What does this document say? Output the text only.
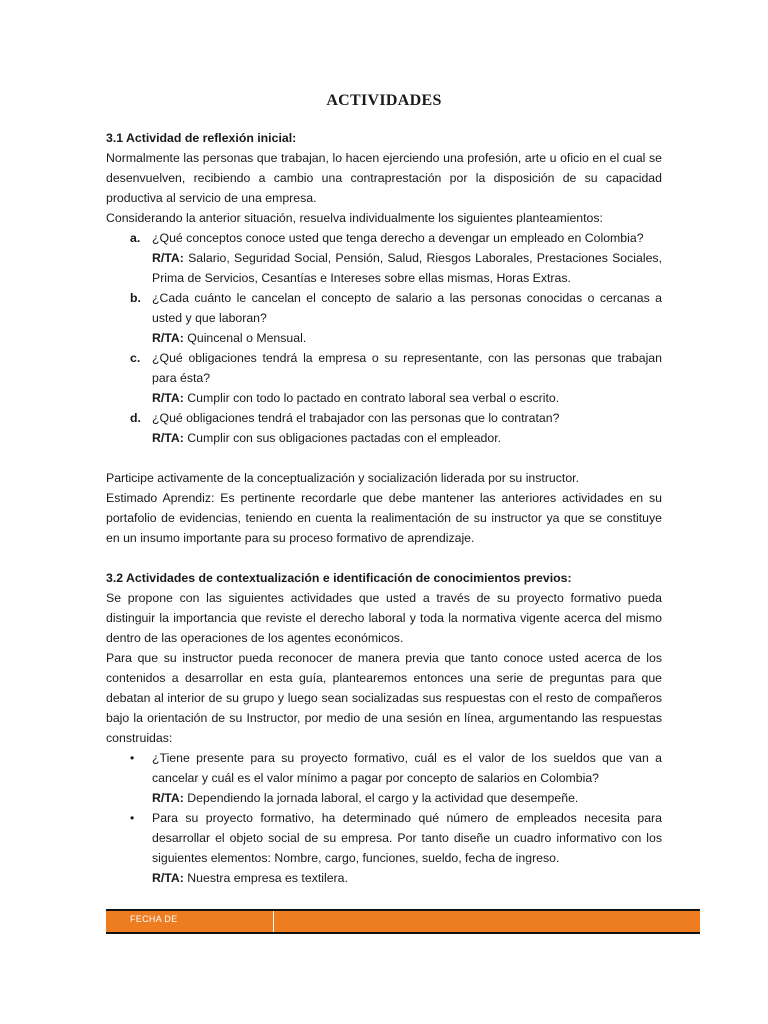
ACTIVIDADES

3.1 Actividad de reflexión inicial:

Normalmente las personas que trabajan, lo hacen ejerciendo una profesión, arte u oficio en el cual se desenvuelven, recibiendo a cambio una contraprestación por la disposición de su capacidad productiva al servicio de una empresa.

Considerando la anterior situación, resuelva individualmente los siguientes planteamientos:

a. ¿Qué conceptos conoce usted que tenga derecho a devengar un empleado en Colombia?

R/TA: Salario, Seguridad Social, Pensión, Salud, Riesgos Laborales, Prestaciones Sociales, Prima de Servicios, Cesantías e Intereses sobre ellas mismas, Horas Extras.

b. ¿Cada cuánto le cancelan el concepto de salario a las personas conocidas o cercanas a usted y que laboran?

R/TA: Quincenal o Mensual.

c. ¿Qué obligaciones tendrá la empresa o su representante, con las personas que trabajan para ésta?

R/TA: Cumplir con todo lo pactado en contrato laboral sea verbal o escrito.

d. ¿Qué obligaciones tendrá el trabajador con las personas que lo contratan?

R/TA: Cumplir con sus obligaciones pactadas con el empleador.

Participe activamente de la conceptualización y socialización liderada por su instructor.

Estimado Aprendiz: Es pertinente recordarle que debe mantener las anteriores actividades en su portafolio de evidencias, teniendo en cuenta la realimentación de su instructor ya que se constituye en un insumo importante para su proceso formativo de aprendizaje.

3.2 Actividades de contextualización e identificación de conocimientos previos:

Se propone con las siguientes actividades que usted a través de su proyecto formativo pueda distinguir la importancia que reviste el derecho laboral y toda la normativa vigente acerca del mismo dentro de las operaciones de los agentes económicos.

Para que su instructor pueda reconocer de manera previa que tanto conoce usted acerca de los contenidos a desarrollar en esta guía, plantearemos entonces una serie de preguntas para que debatan al interior de su grupo y luego sean socializadas sus respuestas con el resto de compañeros bajo la orientación de su Instructor, por medio de una sesión en línea, argumentando las respuestas construidas:

• ¿Tiene presente para su proyecto formativo, cuál es el valor de los sueldos que van a cancelar y cuál es el valor mínimo a pagar por concepto de salarios en Colombia?

R/TA: Dependiendo la jornada laboral, el cargo y la actividad que desempeñe.

• Para su proyecto formativo, ha determinado qué número de empleados necesita para desarrollar el objeto social de su empresa. Por tanto diseñe un cuadro informativo con los siguientes elementos: Nombre, cargo, funciones, sueldo, fecha de ingreso.

R/TA: Nuestra empresa es textilera.

FECHA DE
